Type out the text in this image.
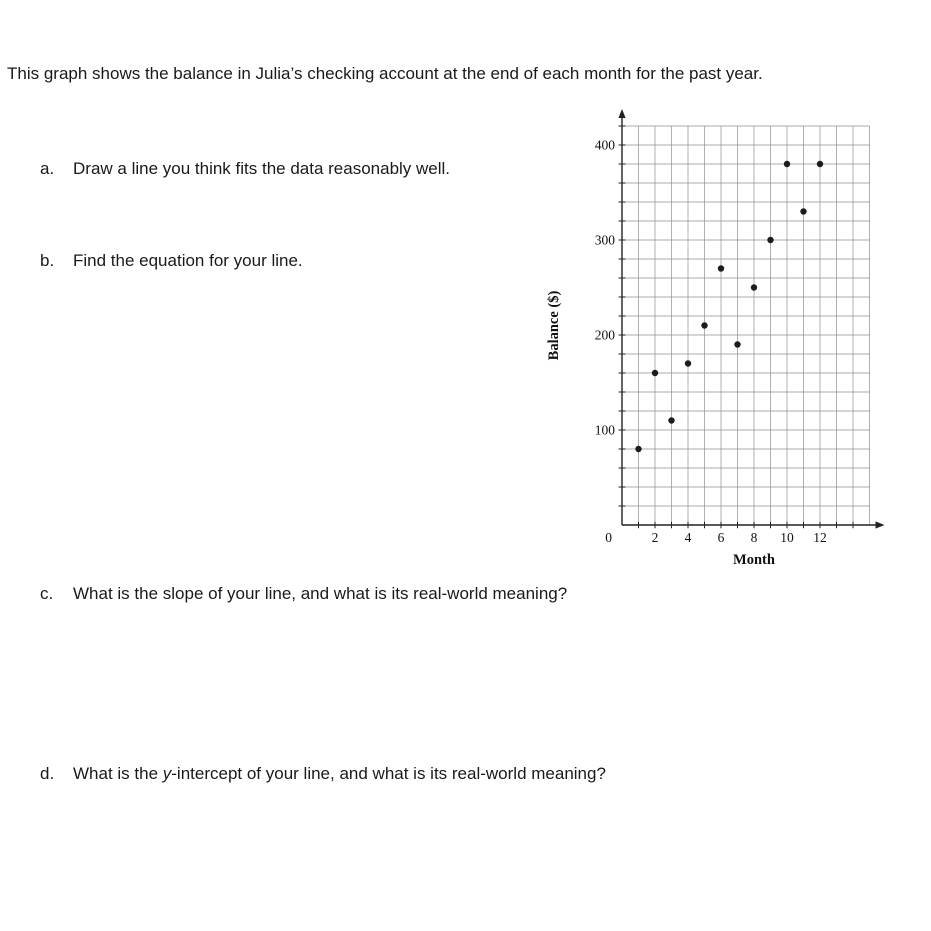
This graph shows the balance in Julia’s checking account at the end of each month for the past year.
a.	Draw a line you think fits the data reasonably well.
b.	Find the equation for your line.
100
200
300
400
2 4 6 8 10 12
0
Month
Balance ($)
c.	What is the slope of your line, and what is its real-world meaning?
d.	What is the y-intercept of your line, and what is its real-world meaning?
